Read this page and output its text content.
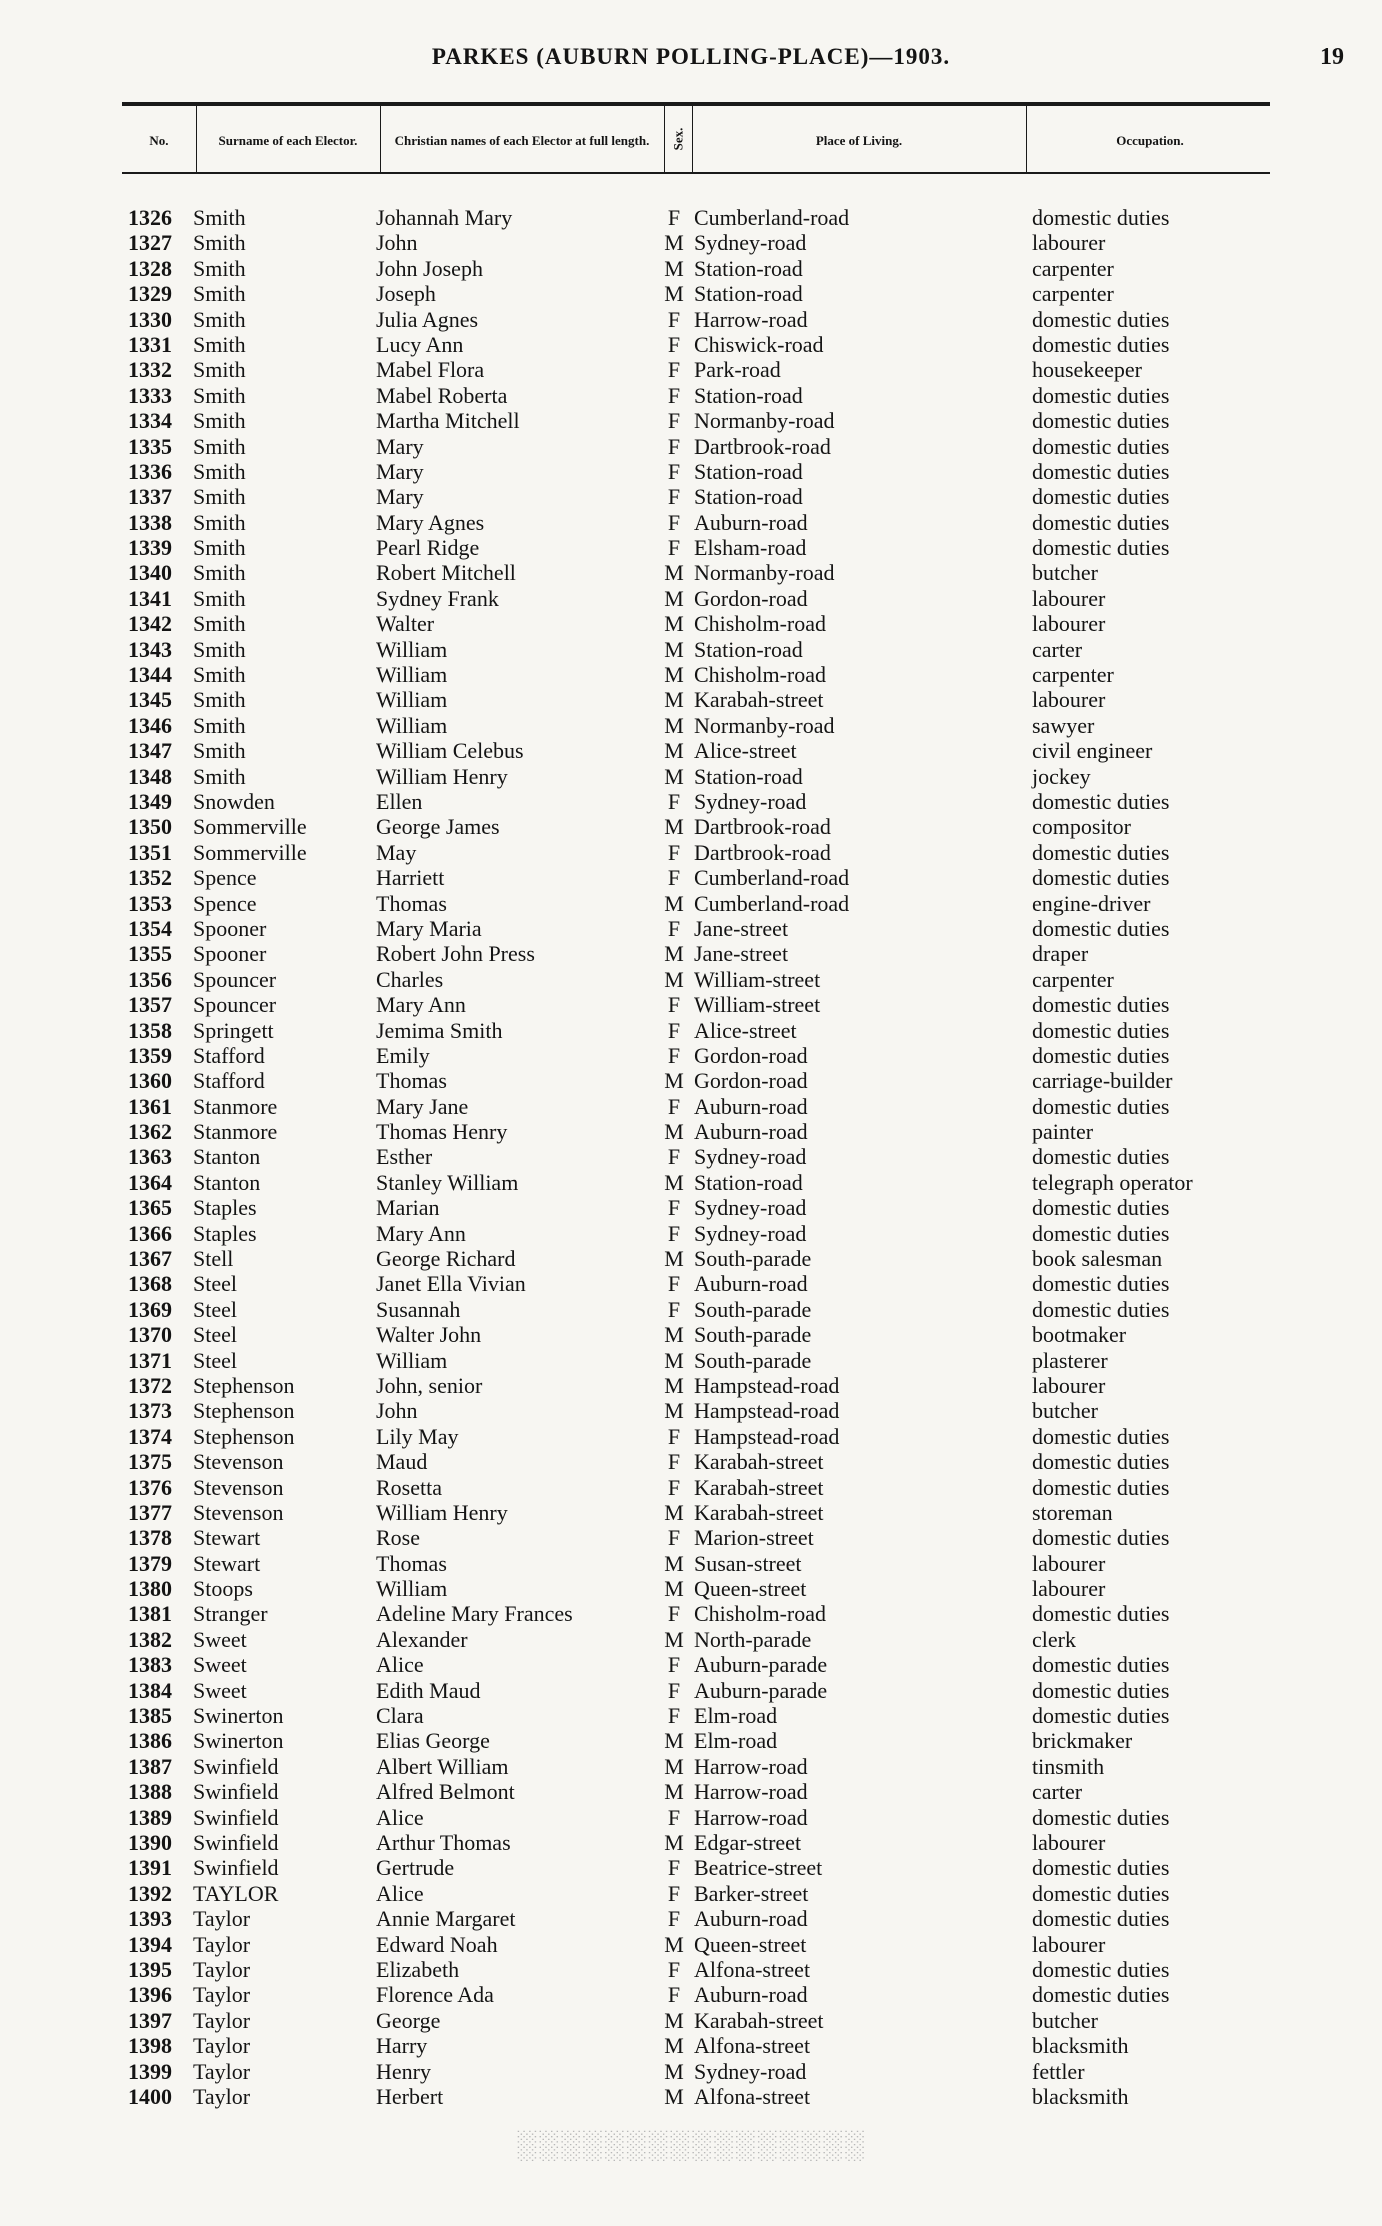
PARKES (AUBURN POLLING-PLACE)—1903.	19
No.	Surname of each Elector.	Christian names of each Elector at full length.	Sex.	Place of Living.	Occupation.
1326 Smith	Johannah Mary	F Cumberland-road	domestic duties
1327 Smith	John	M Sydney-road	labourer
1328 Smith	John Joseph	M Station-road	carpenter
1329 Smith	Joseph	M Station-road	carpenter
1330 Smith	Julia Agnes	F Harrow-road	domestic duties
1331 Smith	Lucy Ann	F Chiswick-road	domestic duties
1332 Smith	Mabel Flora	F Park-road	housekeeper
1333 Smith	Mabel Roberta	F Station-road	domestic duties
1334 Smith	Martha Mitchell	F Normanby-road	domestic duties
1335 Smith	Mary	F Dartbrook-road	domestic duties
1336 Smith	Mary	F Station-road	domestic duties
1337 Smith	Mary	F Station-road	domestic duties
1338 Smith	Mary Agnes	F Auburn-road	domestic duties
1339 Smith	Pearl Ridge	F Elsham-road	domestic duties
1340 Smith	Robert Mitchell	M Normanby-road	butcher
1341 Smith	Sydney Frank	M Gordon-road	labourer
1342 Smith	Walter	M Chisholm-road	labourer
1343 Smith	William	M Station-road	carter
1344 Smith	William	M Chisholm-road	carpenter
1345 Smith	William	M Karabah-street	labourer
1346 Smith	William	M Normanby-road	sawyer
1347 Smith	William Celebus	M Alice-street	civil engineer
1348 Smith	William Henry	M Station-road	jockey
1349 Snowden	Ellen	F Sydney-road	domestic duties
1350 Sommerville	George James	M Dartbrook-road	compositor
1351 Sommerville	May	F Dartbrook-road	domestic duties
1352 Spence	Harriett	F Cumberland-road	domestic duties
1353 Spence	Thomas	M Cumberland-road	engine-driver
1354 Spooner	Mary Maria	F Jane-street	domestic duties
1355 Spooner	Robert John Press	M Jane-street	draper
1356 Spouncer	Charles	M William-street	carpenter
1357 Spouncer	Mary Ann	F William-street	domestic duties
1358 Springett	Jemima Smith	F Alice-street	domestic duties
1359 Stafford	Emily	F Gordon-road	domestic duties
1360 Stafford	Thomas	M Gordon-road	carriage-builder
1361 Stanmore	Mary Jane	F Auburn-road	domestic duties
1362 Stanmore	Thomas Henry	M Auburn-road	painter
1363 Stanton	Esther	F Sydney-road	domestic duties
1364 Stanton	Stanley William	M Station-road	telegraph operator
1365 Staples	Marian	F Sydney-road	domestic duties
1366 Staples	Mary Ann	F Sydney-road	domestic duties
1367 Stell	George Richard	M South-parade	book salesman
1368 Steel	Janet Ella Vivian	F Auburn-road	domestic duties
1369 Steel	Susannah	F South-parade	domestic duties
1370 Steel	Walter John	M South-parade	bootmaker
1371 Steel	William	M South-parade	plasterer
1372 Stephenson	John, senior	M Hampstead-road	labourer
1373 Stephenson	John	M Hampstead-road	butcher
1374 Stephenson	Lily May	F Hampstead-road	domestic duties
1375 Stevenson	Maud	F Karabah-street	domestic duties
1376 Stevenson	Rosetta	F Karabah-street	domestic duties
1377 Stevenson	William Henry	M Karabah-street	storeman
1378 Stewart	Rose	F Marion-street	domestic duties
1379 Stewart	Thomas	M Susan-street	labourer
1380 Stoops	William	M Queen-street	labourer
1381 Stranger	Adeline Mary Frances	F Chisholm-road	domestic duties
1382 Sweet	Alexander	M North-parade	clerk
1383 Sweet	Alice	F Auburn-parade	domestic duties
1384 Sweet	Edith Maud	F Auburn-parade	domestic duties
1385 Swinerton	Clara	F Elm-road	domestic duties
1386 Swinerton	Elias George	M Elm-road	brickmaker
1387 Swinfield	Albert William	M Harrow-road	tinsmith
1388 Swinfield	Alfred Belmont	M Harrow-road	carter
1389 Swinfield	Alice	F Harrow-road	domestic duties
1390 Swinfield	Arthur Thomas	M Edgar-street	labourer
1391 Swinfield	Gertrude	F Beatrice-street	domestic duties
1392 TAYLOR	Alice	F Barker-street	domestic duties
1393 Taylor	Annie Margaret	F Auburn-road	domestic duties
1394 Taylor	Edward Noah	M Queen-street	labourer
1395 Taylor	Elizabeth	F Alfona-street	domestic duties
1396 Taylor	Florence Ada	F Auburn-road	domestic duties
1397 Taylor	George	M Karabah-street	butcher
1398 Taylor	Harry	M Alfona-street	blacksmith
1399 Taylor	Henry	M Sydney-road	fettler
1400 Taylor	Herbert	M Alfona-street	blacksmith
░░░░░░░░░░░░░░░░
